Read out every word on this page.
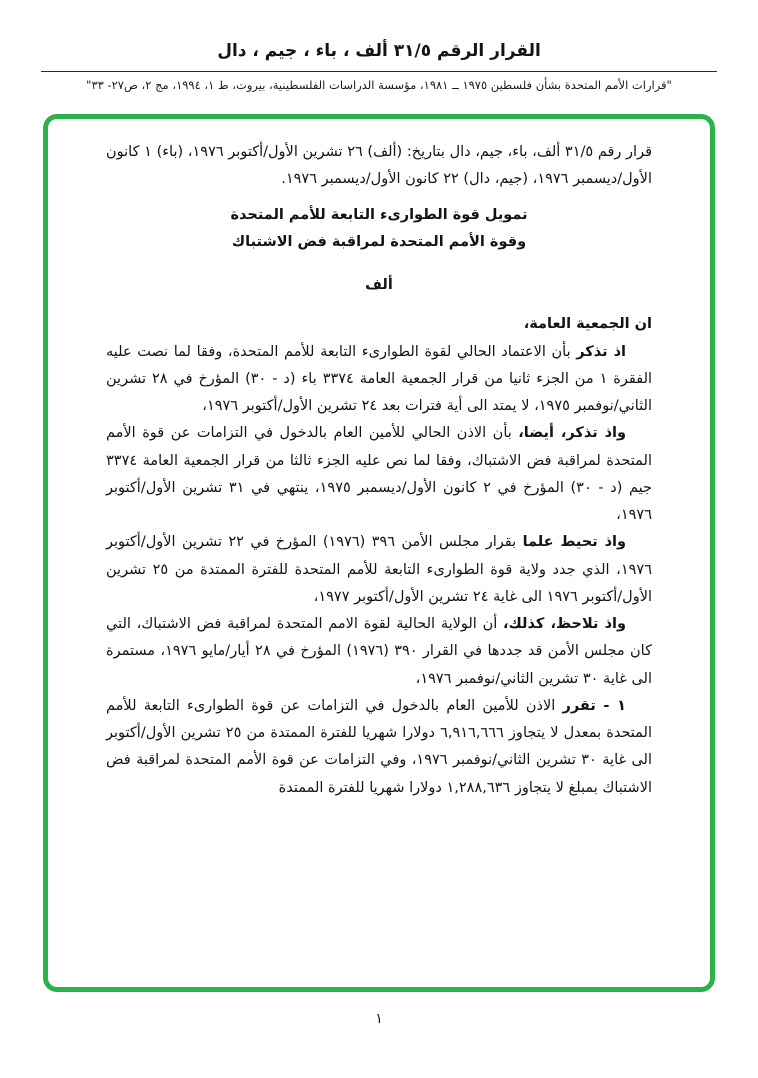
القرار الرقم ٣١/٥ ألف ، باء ، جيم ، دال

"قرارات الأمم المتحدة بشأن فلسطين ١٩٧٥ ــ ١٩٨١، مؤسسة الدراسات الفلسطينية، بيروت، ط ١، ١٩٩٤، مج ٢، ص٢٧- ٣٣"

قرار رقم ٣١/٥ ألف، باء، جيم، دال بتاريخ: (ألف) ٢٦ تشرين الأول/أكتوبر ١٩٧٦، (باء) ١ كانون الأول/ديسمبر ١٩٧٦، (جيم، دال) ٢٢ كانون الأول/ديسمبر ١٩٧٦.

تمويل قوة الطوارىء التابعة للأمم المتحدة

وقوة الأمم المتحدة لمراقبة فض الاشتباك

ألف

ان الجمعية العامة،

اذ تذكر بأن الاعتماد الحالي لقوة الطوارىء التابعة للأمم المتحدة، وفقا لما نصت عليه الفقرة ١ من الجزء ثانيا من قرار الجمعية العامة ٣٣٧٤ باء (د - ٣٠) المؤرخ في ٢٨ تشرين الثاني/نوفمبر ١٩٧٥، لا يمتد الى أية فترات بعد ٢٤ تشرين الأول/أكتوبر ١٩٧٦،

واذ تذكر، أيضا، بأن الاذن الحالي للأمين العام بالدخول في التزامات عن قوة الأمم المتحدة لمراقبة فض الاشتباك، وفقا لما نص عليه الجزء ثالثا من قرار الجمعية العامة ٣٣٧٤ جيم (د - ٣٠) المؤرخ في ٢ كانون الأول/ديسمبر ١٩٧٥، ينتهي في ٣١ تشرين الأول/أكتوبر ١٩٧٦،

واذ تحيط علما بقرار مجلس الأمن ٣٩٦ (١٩٧٦) المؤرخ في ٢٢ تشرين الأول/أكتوبر ١٩٧٦، الذي جدد ولاية قوة الطوارىء التابعة للأمم المتحدة للفترة الممتدة من ٢٥ تشرين الأول/أكتوبر ١٩٧٦ الى غاية ٢٤ تشرين الأول/أكتوبر ١٩٧٧،

واذ تلاحظ، كذلك، أن الولاية الحالية لقوة الامم المتحدة لمراقبة فض الاشتباك، التي كان مجلس الأمن قد جددها في القرار ٣٩٠ (١٩٧٦) المؤرخ في ٢٨ أيار/مايو ١٩٧٦، مستمرة الى غاية ٣٠ تشرين الثاني/نوفمبر ١٩٧٦،

١ - تقرر الاذن للأمين العام بالدخول في التزامات عن قوة الطوارىء التابعة للأمم المتحدة بمعدل لا يتجاوز ٦,٩١٦,٦٦٦ دولارا شهريا للفترة الممتدة من ٢٥ تشرين الأول/أكتوبر الى غاية ٣٠ تشرين الثاني/نوفمبر ١٩٧٦، وفي التزامات عن قوة الأمم المتحدة لمراقبة فض الاشتباك بمبلغ لا يتجاوز ١,٢٨٨,٦٣٦ دولارا شهريا للفترة الممتدة

١
